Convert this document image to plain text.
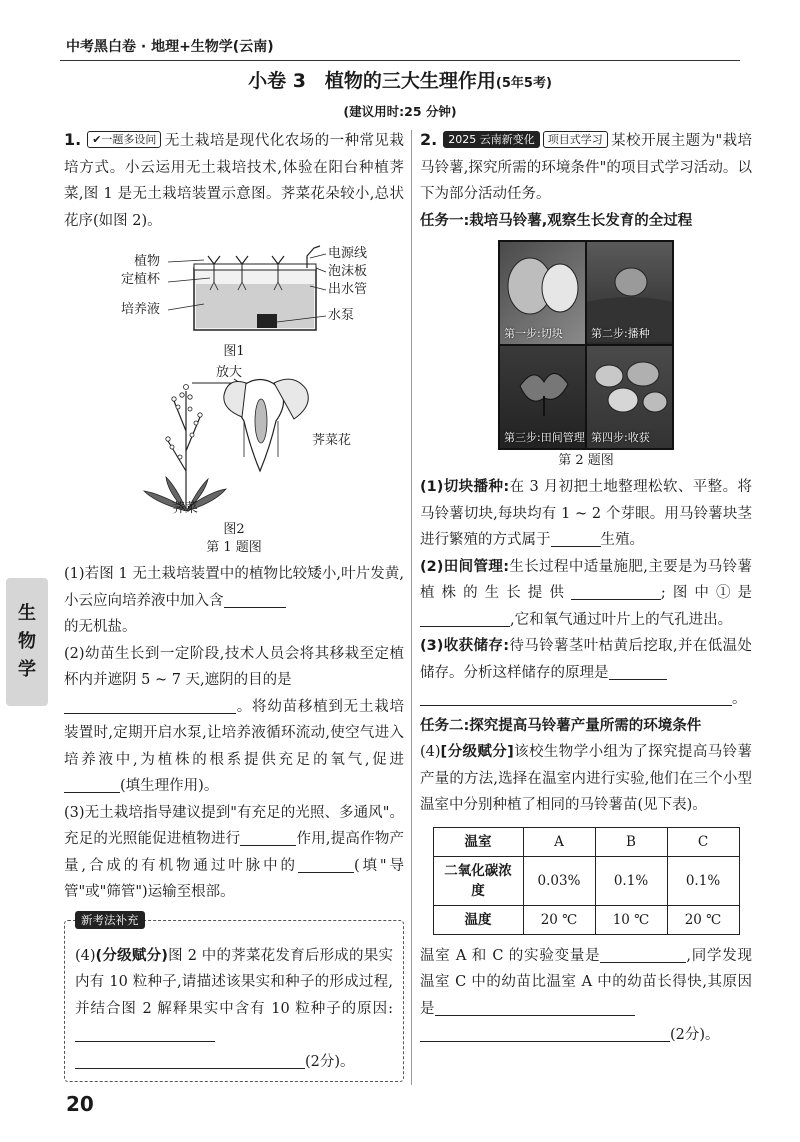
中考黑白卷 · 地理+生物学(云南)
小卷 3　植物的三大生理作用(5年5考)
(建议用时:25 分钟)
生
物
学

1. ✔一题多设问 无土栽培是现代化农场的一种常见栽培方式。小云运用无土栽培技术,体验在阳台种植荠菜,图 1 是无土栽培装置示意图。荠菜花朵较小,总状花序(如图 2)。

植物
定植杯
培养液
电源线
泡沫板
出水管
水泵
图1
放大
荠菜花
荠菜
图2
第 1 题图

(1)若图 1 无土栽培装置中的植物比较矮小,叶片发黄,小云应向培养液中加入含
的无机盐。

(2)幼苗生长到一定阶段,技术人员会将其移栽至定植杯内并遮阴 5 ~ 7 天,遮阴的目的是
。将幼苗移植到无土栽培装置时,定期开启水泵,让培养液循环流动,使空气进入培养液中,为植株的根系提供充足的氧气,促进(填生理作用)。

(3)无土栽培指导建议提到"有充足的光照、多通风"。充足的光照能促进植物进行	作用,提高作物产量,合成的有机物通过叶脉中的	(填"导管"或"筛管")运输至根部。

新考法补充

(4)(分级赋分)图 2 中的荠菜花发育后形成的果实内有 10 粒种子,请描述该果实和种子的形成过程,并结合图 2 解释果实中含有 10 粒种子的原因:
(2分)。

2. 2025 云南新变化 项目式学习 某校开展主题为"栽培马铃薯,探究所需的环境条件"的项目式学习活动。以下为部分活动任务。

任务一:栽培马铃薯,观察生长发育的全过程

第一步:切块	第二步:播种
第三步:田间管理 第四步:收获
第 2 题图

(1)切块播种:在 3 月初把土地整理松软、平整。将马铃薯切块,每块均有 1 ~ 2 个芽眼。用马铃薯块茎进行繁殖的方式属于	生殖。

(2)田间管理:生长过程中适量施肥,主要是为马铃薯植株的生长提供	;图中①是,它和氧气通过叶片上的气孔进出。

(3)收获储存:待马铃薯茎叶枯黄后挖取,并在低温处储存。分析这样储存的原理是
。

任务二:探究提高马铃薯产量所需的环境条件

(4)[分级赋分]该校生物学小组为了探究提高马铃薯产量的方法,选择在温室内进行实验,他们在三个小型温室中分别种植了相同的马铃薯苗(见下表)。

温室	A	B	C
二氧化碳浓度	0.03%	0.1%	0.1%
温度	20 ℃	10 ℃	20 ℃

温室 A 和 C 的实验变量是	,同学发现温室 C 中的幼苗比温室 A 中的幼苗长得快,其原因是
(2分)。

20
